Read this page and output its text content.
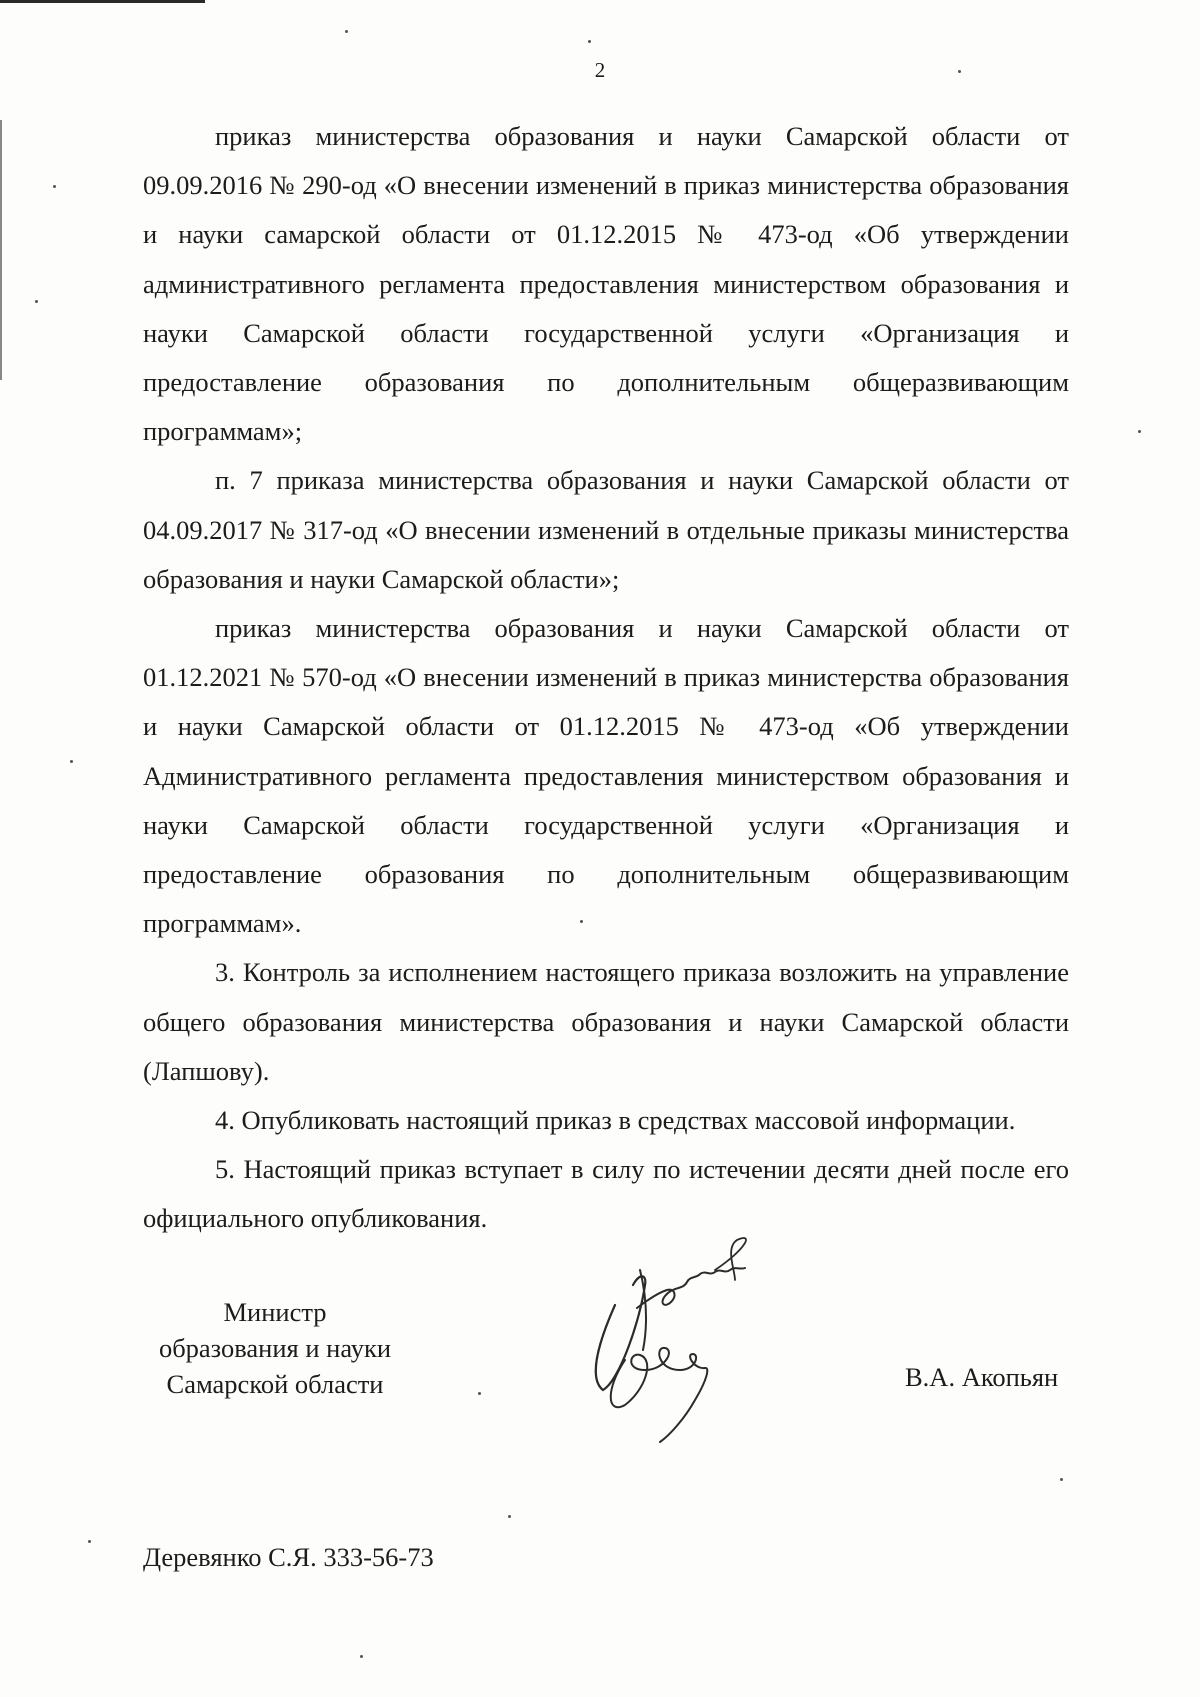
2

приказ министерства образования и науки Самарской области от 09.09.2016 № 290-од «О внесении изменений в приказ министерства образования и науки самарской области от 01.12.2015 № 473-од «Об утверждении административного регламента предоставления министерством образования и науки Самарской области государственной услуги «Организация и предоставление образования по дополнительным общеразвивающим программам»;

п. 7 приказа министерства образования и науки Самарской области от 04.09.2017 № 317-од «О внесении изменений в отдельные приказы министерства образования и науки Самарской области»;

приказ министерства образования и науки Самарской области от 01.12.2021 № 570-од «О внесении изменений в приказ министерства образования и науки Самарской области от 01.12.2015 № 473-од «Об утверждении Административного регламента предоставления министерством образования и науки Самарской области государственной услуги «Организация и предоставление образования по дополнительным общеразвивающим программам».

3. Контроль за исполнением настоящего приказа возложить на управление общего образования министерства образования и науки Самарской области (Лапшову).

4. Опубликовать настоящий приказ в средствах массовой информации.

5. Настоящий приказ вступает в силу по истечении десяти дней после его официального опубликования.

Министр
образования и науки
Самарской области	В.А. Акопьян
Деревянко С.Я. 333-56-73
